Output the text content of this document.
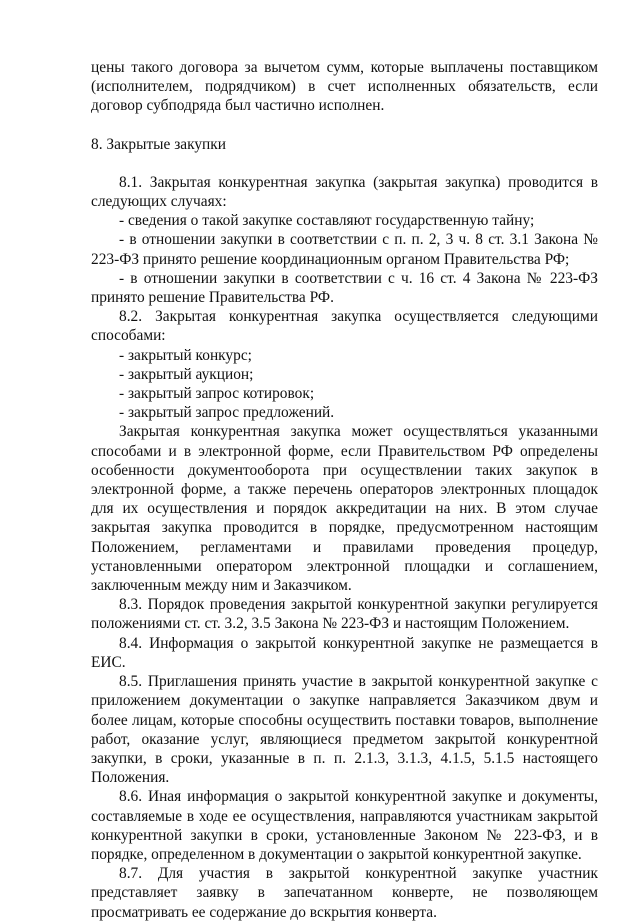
цены такого договора за вычетом сумм, которые выплачены поставщиком (исполнителем, подрядчиком) в счет исполненных обязательств, если договор субподряда был частично исполнен.

8. Закрытые закупки

8.1. Закрытая конкурентная закупка (закрытая закупка) проводится в следующих случаях:

- сведения о такой закупке составляют государственную тайну;

- в отношении закупки в соответствии с п. п. 2, 3 ч. 8 ст. 3.1 Закона № 223-ФЗ принято решение координационным органом Правительства РФ;

- в отношении закупки в соответствии с ч. 16 ст. 4 Закона № 223-ФЗ принято решение Правительства РФ.

8.2. Закрытая конкурентная закупка осуществляется следующими способами:

- закрытый конкурс;

- закрытый аукцион;

- закрытый запрос котировок;

- закрытый запрос предложений.

Закрытая конкурентная закупка может осуществляться указанными способами и в электронной форме, если Правительством РФ определены особенности документооборота при осуществлении таких закупок в электронной форме, а также перечень операторов электронных площадок для их осуществления и порядок аккредитации на них. В этом случае закрытая закупка проводится в порядке, предусмотренном настоящим Положением, регламентами и правилами проведения процедур, установленными оператором электронной площадки и соглашением, заключенным между ним и Заказчиком.

8.3. Порядок проведения закрытой конкурентной закупки регулируется положениями ст. ст. 3.2, 3.5 Закона № 223-ФЗ и настоящим Положением.

8.4. Информация о закрытой конкурентной закупке не размещается в ЕИС.

8.5. Приглашения принять участие в закрытой конкурентной закупке с приложением документации о закупке направляется Заказчиком двум и более лицам, которые способны осуществить поставки товаров, выполнение работ, оказание услуг, являющиеся предметом закрытой конкурентной закупки, в сроки, указанные в п. п. 2.1.3, 3.1.3, 4.1.5, 5.1.5 настоящего Положения.

8.6. Иная информация о закрытой конкурентной закупке и документы, составляемые в ходе ее осуществления, направляются участникам закрытой конкурентной закупки в сроки, установленные Законом № 223-ФЗ, и в порядке, определенном в документации о закрытой конкурентной закупке.

8.7. Для участия в закрытой конкурентной закупке участник представляет заявку в запечатанном конверте, не позволяющем просматривать ее содержание до вскрытия конверта.
